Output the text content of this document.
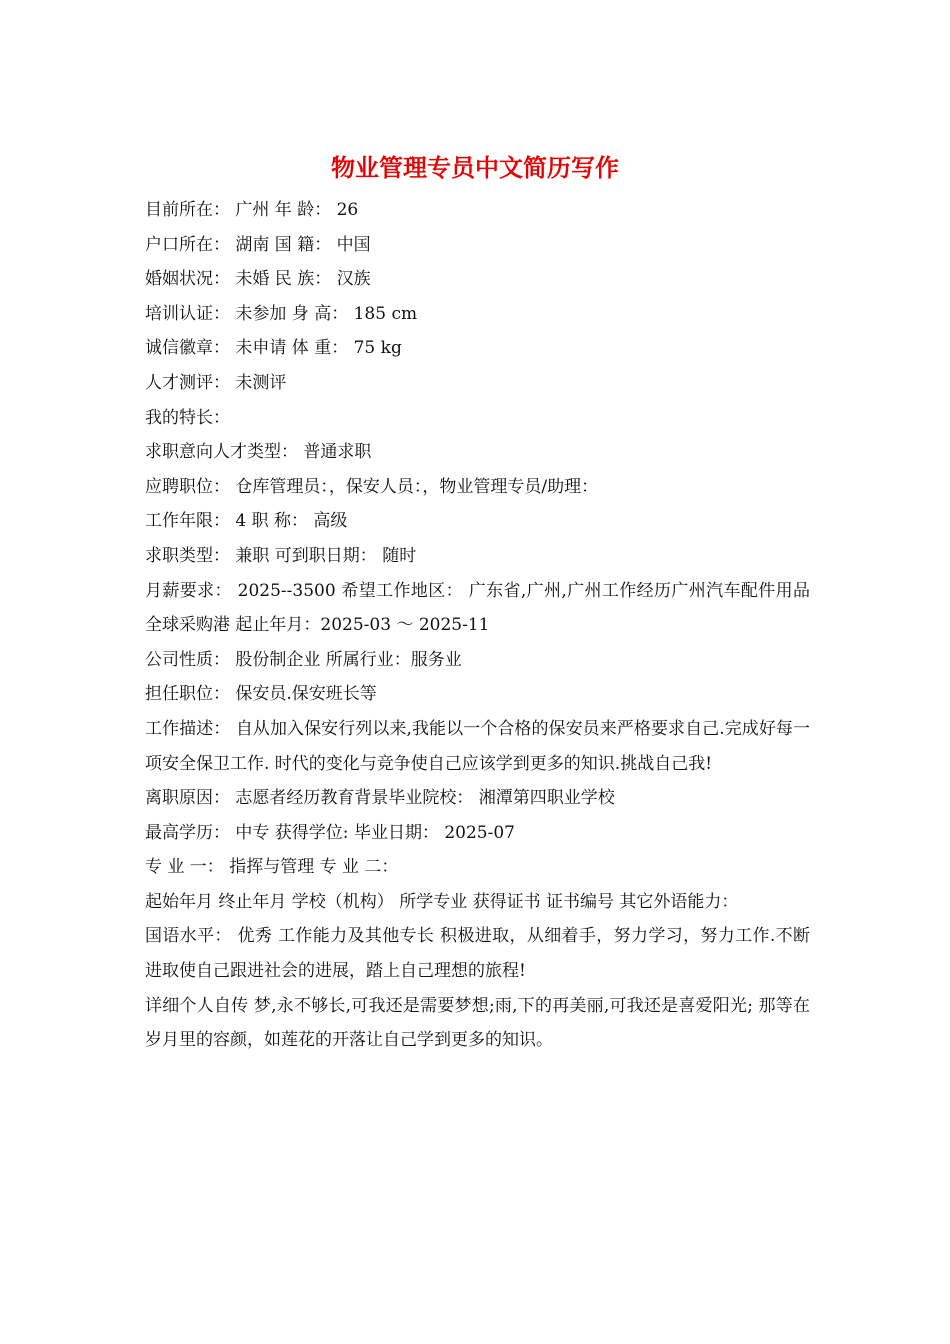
物业管理专员中文简历写作
目前所在： 广州 年 龄： 26
户口所在： 湖南 国 籍： 中国
婚姻状况： 未婚 民 族： 汉族
培训认证： 未参加 身 高： 185 cm
诚信徽章： 未申请 体 重： 75 kg
人才测评： 未测评
我的特长：
求职意向人才类型： 普通求职
应聘职位： 仓库管理员：，保安人员：，物业管理专员/助理：
工作年限： 4 职 称： 高级
求职类型： 兼职 可到职日期： 随时
月薪要求： 2025--3500 希望工作地区： 广东省,广州,广州工作经历广州汽车配件用品全球采购港 起止年月：2025-03 ～ 2025-11
公司性质： 股份制企业 所属行业：服务业
担任职位： 保安员.保安班长等
工作描述： 自从加入保安行列以来,我能以一个合格的保安员来严格要求自己.完成好每一项安全保卫工作. 时代的变化与竞争使自己应该学到更多的知识.挑战自己我!
离职原因： 志愿者经历教育背景毕业院校： 湘潭第四职业学校
最高学历： 中专 获得学位: 毕业日期： 2025-07
专 业 一： 指挥与管理 专 业 二：
起始年月 终止年月 学校（机构） 所学专业 获得证书 证书编号 其它外语能力：
国语水平： 优秀 工作能力及其他专长 积极进取，从细着手，努力学习，努力工作.不断进取使自己跟进社会的进展，踏上自己理想的旅程!
详细个人自传 梦,永不够长,可我还是需要梦想;雨,下的再美丽,可我还是喜爱阳光; 那等在岁月里的容颜，如莲花的开落让自己学到更多的知识。
